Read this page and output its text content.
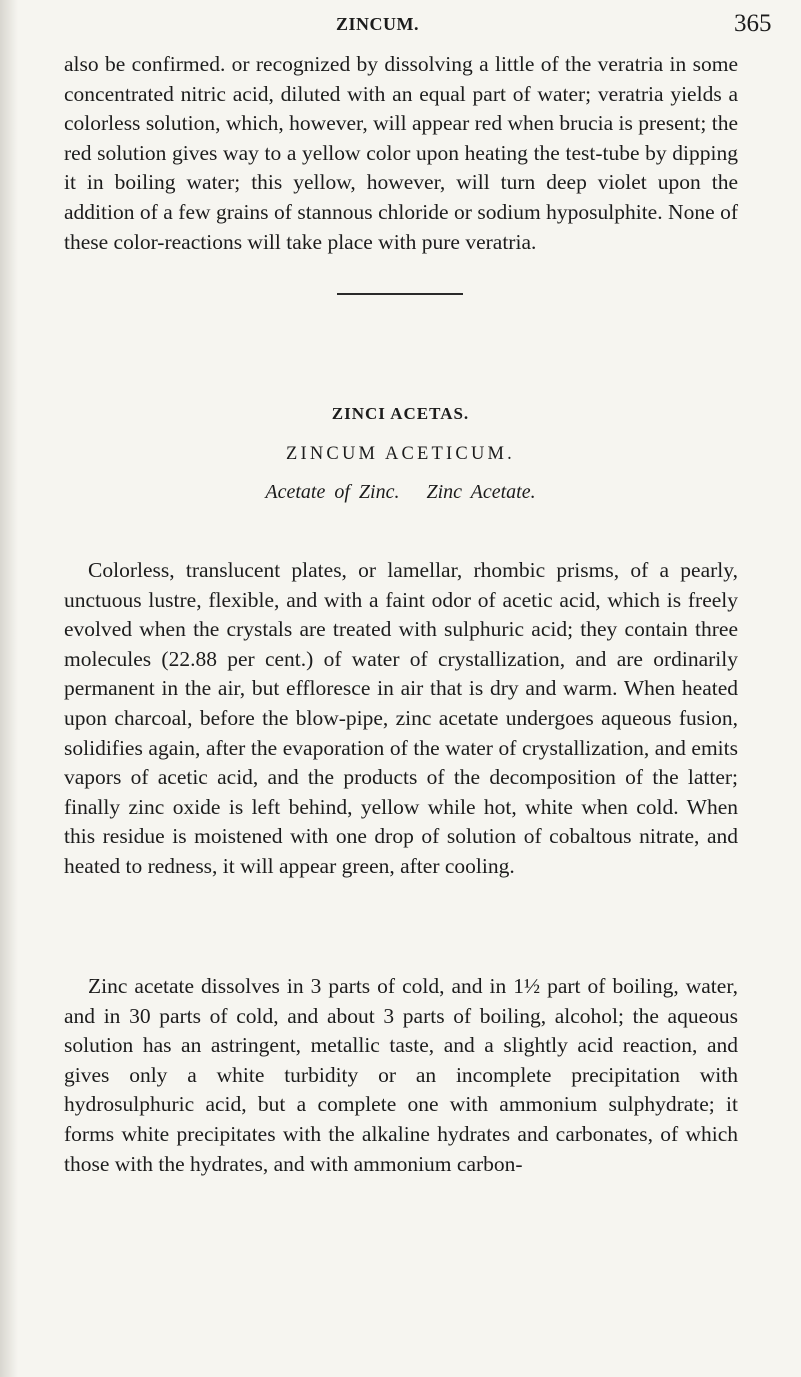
ZINCUM.	365

also be confirmed. or recognized by dissolving a little of the veratria in some concentrated nitric acid, diluted with an equal part of water; veratria yields a colorless solution, which, however, will appear red when brucia is present; the red solution gives way to a yellow color upon heating the test-tube by dipping it in boiling water; this yellow, however, will turn deep violet upon the addition of a few grains of stannous chloride or sodium hyposulphite. None of these color-reactions will take place with pure veratria.

ZINCI ACETAS.

ZINCUM ACETICUM.

Acetate of Zinc. Zinc Acetate.

Colorless, translucent plates, or lamellar, rhombic prisms, of a pearly, unctuous lustre, flexible, and with a faint odor of acetic acid, which is freely evolved when the crystals are treated with sulphuric acid; they contain three molecules (22.88 per cent.) of water of crystallization, and are ordinarily permanent in the air, but effloresce in air that is dry and warm. When heated upon charcoal, before the blow-pipe, zinc acetate undergoes aqueous fusion, solidifies again, after the evaporation of the water of crystallization, and emits vapors of acetic acid, and the products of the decomposition of the latter; finally zinc oxide is left behind, yellow while hot, white when cold. When this residue is moistened with one drop of solution of cobaltous nitrate, and heated to redness, it will appear green, after cooling.

Zinc acetate dissolves in 3 parts of cold, and in 1½ part of boiling, water, and in 30 parts of cold, and about 3 parts of boiling, alcohol; the aqueous solution has an astringent, metallic taste, and a slightly acid reaction, and gives only a white turbidity or an incomplete precipitation with hydrosulphuric acid, but a complete one with ammonium sulphydrate; it forms white precipitates with the alkaline hydrates and carbonates, of which those with the hydrates, and with ammonium carbon-
